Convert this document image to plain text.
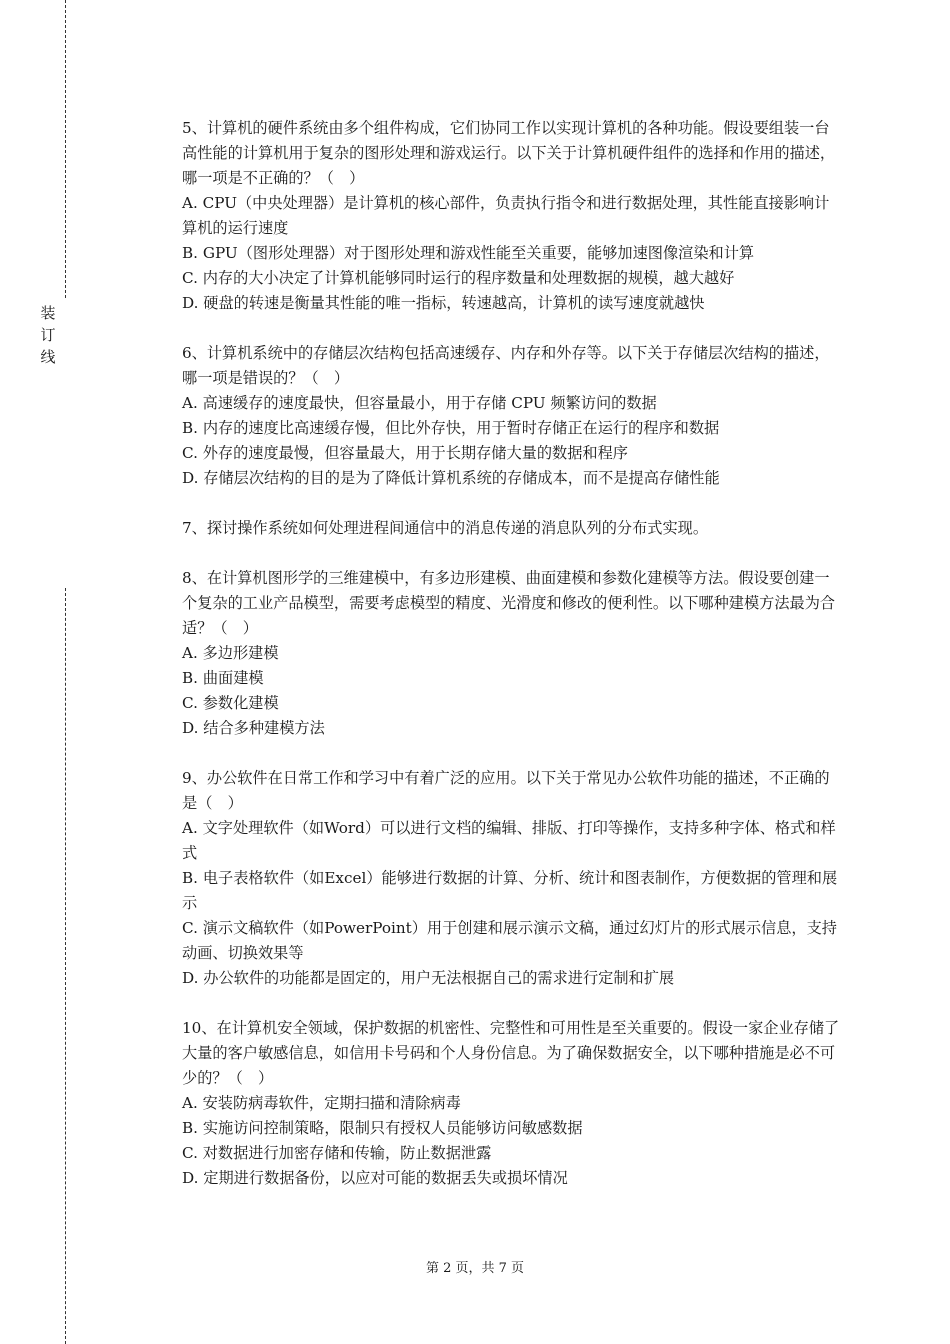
装
订
线

5、计算机的硬件系统由多个组件构成，它们协同工作以实现计算机的各种功能。假设要组装一台高性能的计算机用于复杂的图形处理和游戏运行。以下关于计算机硬件组件的选择和作用的描述，哪一项是不正确的？（　）

A. CPU（中央处理器）是计算机的核心部件，负责执行指令和进行数据处理，其性能直接影响计算机的运行速度

B. GPU（图形处理器）对于图形处理和游戏性能至关重要，能够加速图像渲染和计算

C. 内存的大小决定了计算机能够同时运行的程序数量和处理数据的规模，越大越好

D. 硬盘的转速是衡量其性能的唯一指标，转速越高，计算机的读写速度就越快

6、计算机系统中的存储层次结构包括高速缓存、内存和外存等。以下关于存储层次结构的描述，哪一项是错误的？（　）

A. 高速缓存的速度最快，但容量最小，用于存储 CPU 频繁访问的数据

B. 内存的速度比高速缓存慢，但比外存快，用于暂时存储正在运行的程序和数据

C. 外存的速度最慢，但容量最大，用于长期存储大量的数据和程序

D. 存储层次结构的目的是为了降低计算机系统的存储成本，而不是提高存储性能

7、探讨操作系统如何处理进程间通信中的消息传递的消息队列的分布式实现。

8、在计算机图形学的三维建模中，有多边形建模、曲面建模和参数化建模等方法。假设要创建一个复杂的工业产品模型，需要考虑模型的精度、光滑度和修改的便利性。以下哪种建模方法最为合适？（　）

A. 多边形建模

B. 曲面建模

C. 参数化建模

D. 结合多种建模方法

9、办公软件在日常工作和学习中有着广泛的应用。以下关于常见办公软件功能的描述，不正确的是（　）

A. 文字处理软件（如Word）可以进行文档的编辑、排版、打印等操作，支持多种字体、格式和样式

B. 电子表格软件（如Excel）能够进行数据的计算、分析、统计和图表制作，方便数据的管理和展示

C. 演示文稿软件（如PowerPoint）用于创建和展示演示文稿，通过幻灯片的形式展示信息，支持动画、切换效果等

D. 办公软件的功能都是固定的，用户无法根据自己的需求进行定制和扩展

10、在计算机安全领域，保护数据的机密性、完整性和可用性是至关重要的。假设一家企业存储了大量的客户敏感信息，如信用卡号码和个人身份信息。为了确保数据安全，以下哪种措施是必不可少的？（　）

A. 安装防病毒软件，定期扫描和清除病毒

B. 实施访问控制策略，限制只有授权人员能够访问敏感数据

C. 对数据进行加密存储和传输，防止数据泄露

D. 定期进行数据备份，以应对可能的数据丢失或损坏情况

第 2 页，共 7 页
